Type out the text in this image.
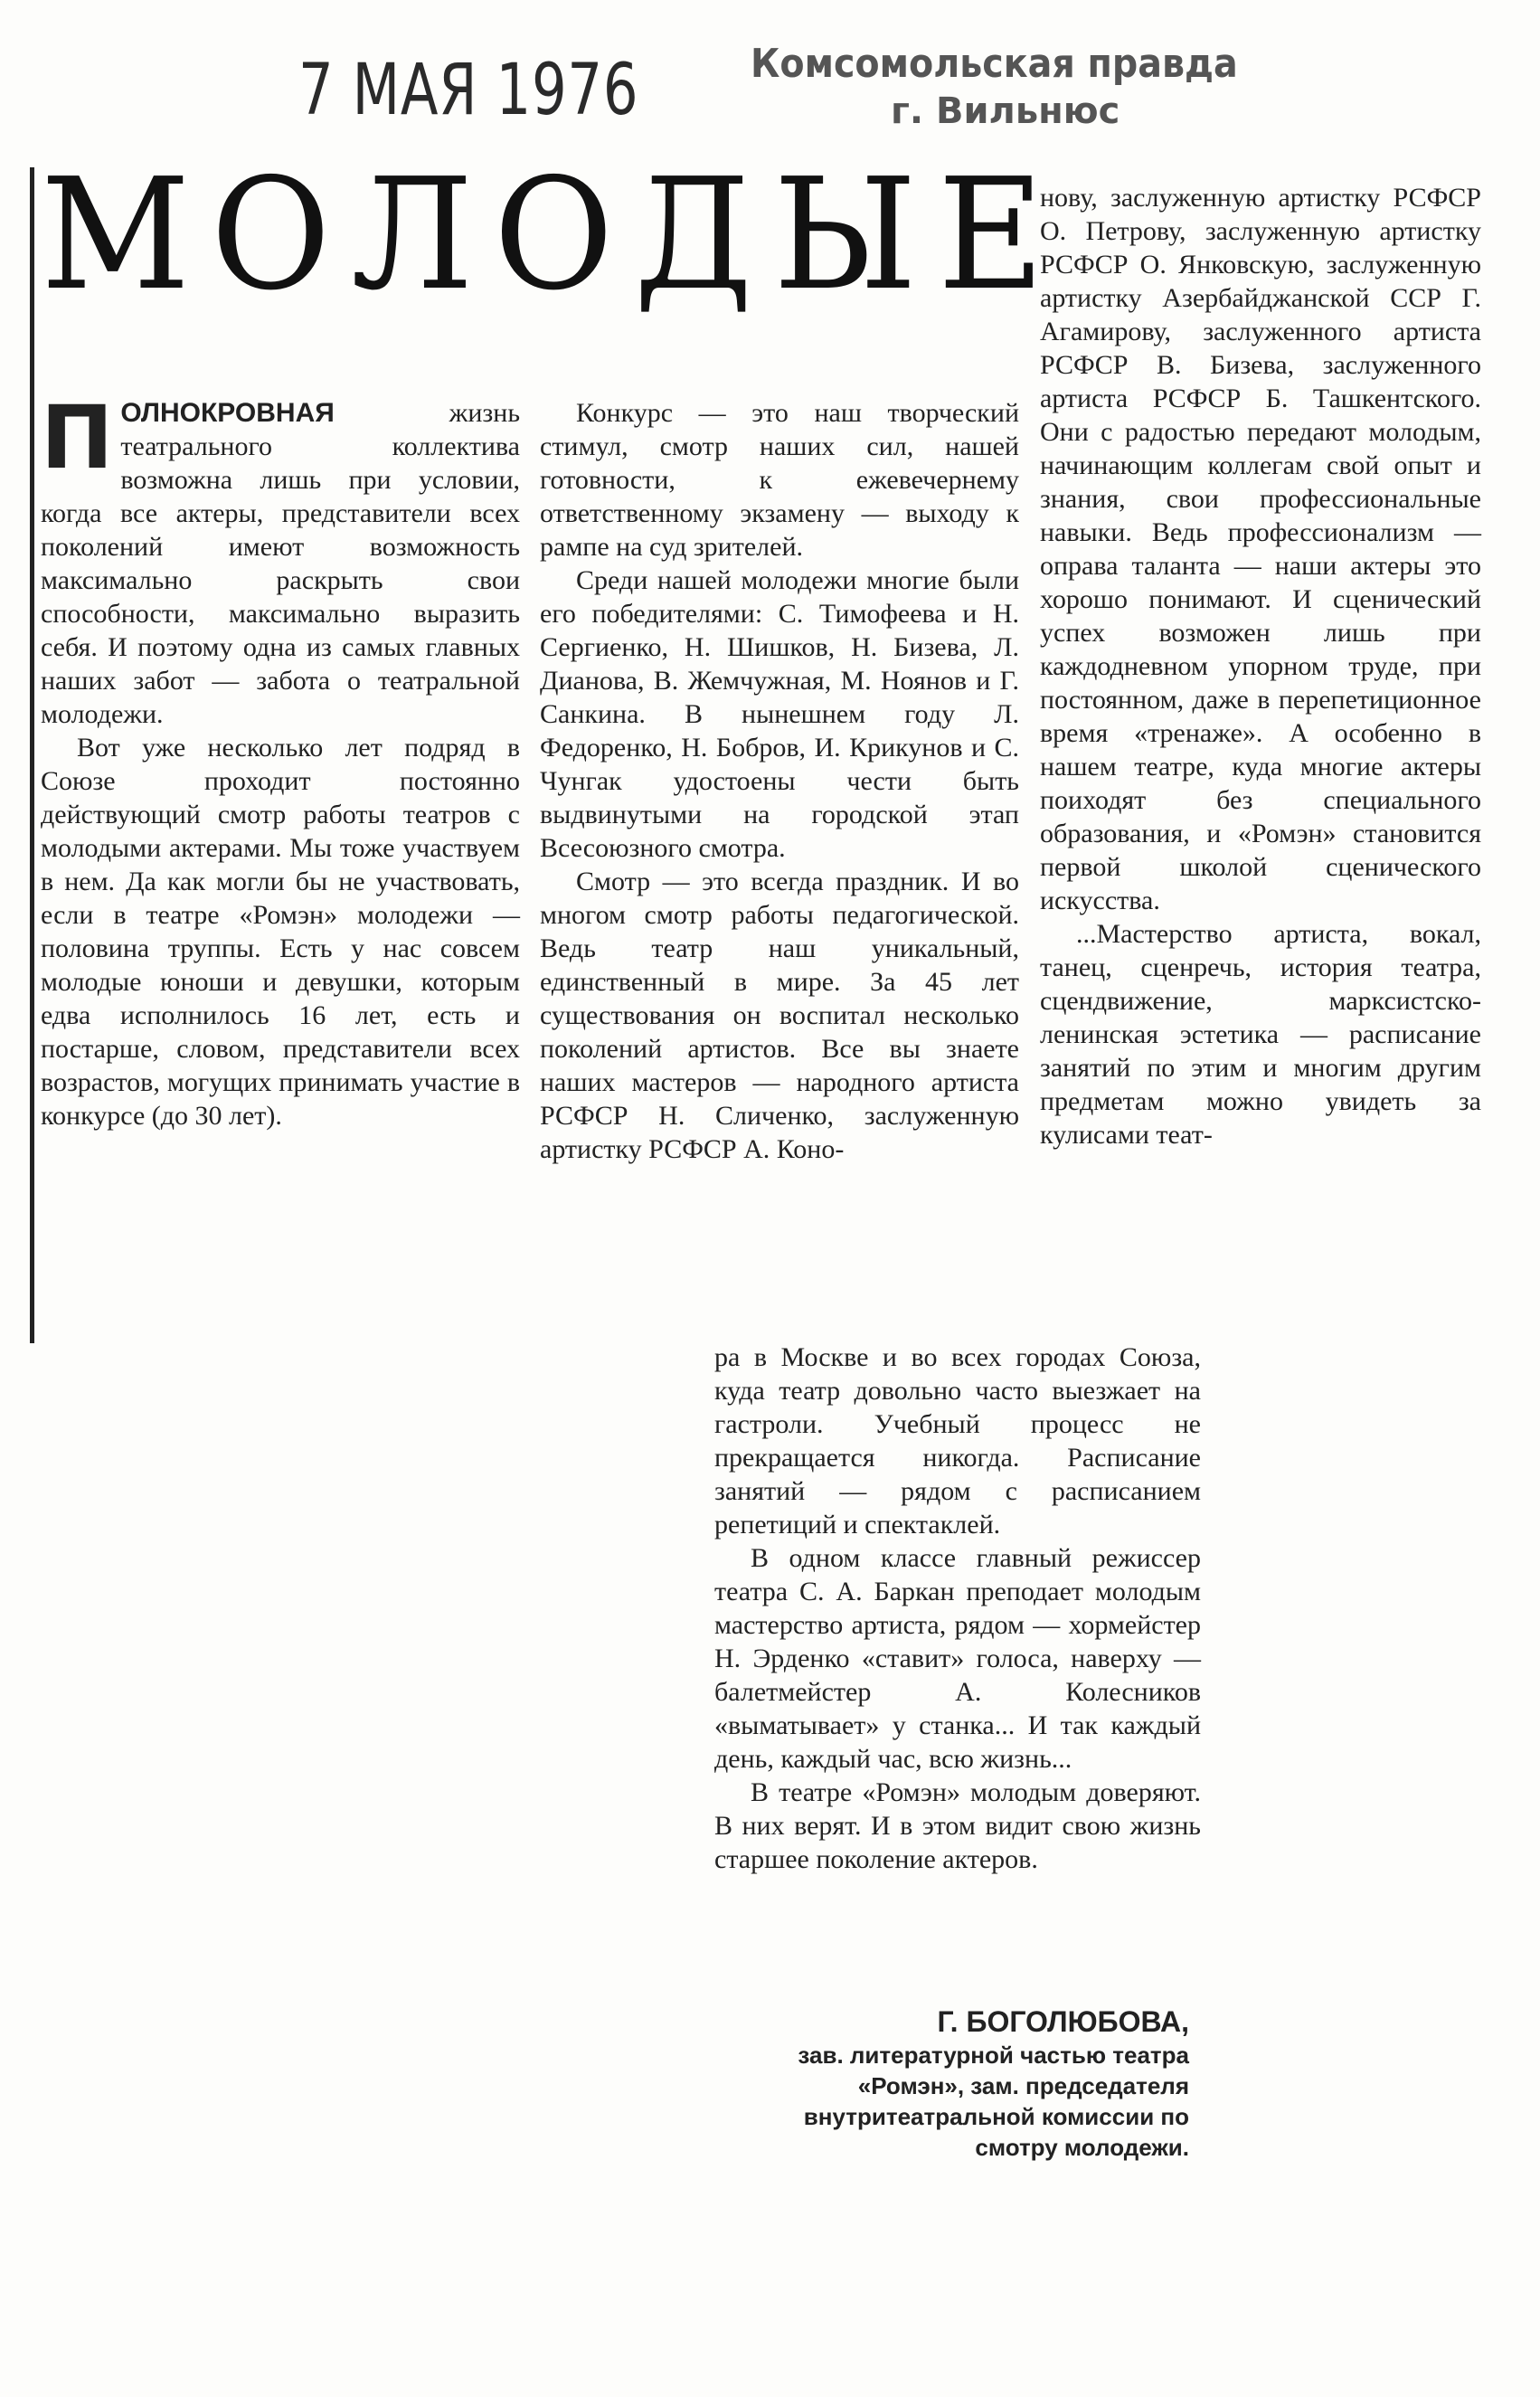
7 МАЯ 1976	Комсомольская правда
г. Вильнюс
МОЛОДЫЕ

ПОЛНОКРОВНАЯ жизнь театрального коллектива возможна лишь при условии, когда все актеры, представители всех поколений имеют возможность максимально раскрыть свои способности, максимально выразить себя. И поэтому одна из самых главных наших забот — забота о театральной молодежи.

Вот уже несколько лет подряд в Союзе проходит постоянно действующий смотр работы театров с молодыми актерами. Мы тоже участвуем в нем. Да как могли бы не участвовать, если в театре «Ромэн» молодежи — половина труппы. Есть у нас совсем молодые юноши и девушки, которым едва исполнилось 16 лет, есть и постарше, словом, представители всех возрастов, могущих принимать участие в конкурсе (до 30 лет).

Конкурс — это наш творческий стимул, смотр наших сил, нашей готовности, к ежевечернему ответственному экзамену — выходу к рампе на суд зрителей.

Среди нашей молодежи многие были его победителями: С. Тимофеева и Н. Сергиенко, Н. Шишков, Н. Бизева, Л. Дианова, В. Жемчужная, М. Ноянов и Г. Санкина. В нынешнем году Л. Федоренко, Н. Бобров, И. Крикунов и С. Чунгак удостоены чести быть выдвинутыми на городской этап Всесоюзного смотра.

Смотр — это всегда праздник. И во многом смотр работы педагогической. Ведь театр наш уникальный, единственный в мире. За 45 лет существования он воспитал несколько поколений артистов. Все вы знаете наших мастеров — народного артиста РСФСР Н. Сличенко, заслуженную артистку РСФСР А. Коно-

нову, заслуженную артистку РСФСР О. Петрову, заслуженную артистку РСФСР О. Янковскую, заслуженную артистку Азербайджанской ССР Г. Агамирову, заслуженного артиста РСФСР В. Бизева, заслуженного артиста РСФСР Б. Ташкентского. Они с радостью передают молодым, начинающим коллегам свой опыт и знания, свои профессиональные навыки. Ведь профессионализм — оправа таланта — наши актеры это хорошо понимают. И сценический успех возможен лишь при каждодневном упорном труде, при постоянном, даже в перепетиционное время «тренаже». А особенно в нашем театре, куда многие актеры поиходят без специального образования, и «Ромэн» становится первой школой сценического искусства.

...Мастерство артиста, вокал, танец, сценречь, история театра, сцендвижение, марксистско-ленинская эстетика — расписание занятий по этим и многим другим предметам можно увидеть за кулисами теат-

ра в Москве и во всех городах Союза, куда театр довольно часто выезжает на гастроли. Учебный процесс не прекращается никогда. Расписание занятий — рядом с расписанием репетиций и спектаклей.

В одном классе главный режиссер театра С. А. Баркан преподает молодым мастерство артиста, рядом — хормейстер Н. Эрденко «ставит» голоса, наверху — балетмейстер А. Колесников «выматывает» у станка... И так каждый день, каждый час, всю жизнь...

В театре «Ромэн» молодым доверяют. В них верят. И в этом видит свою жизнь старшее поколение актеров.

Г. БОГОЛЮБОВА,
зав. литературной частью театра «Ромэн», зам. председателя внутритеатральной комиссии по смотру молодежи.
